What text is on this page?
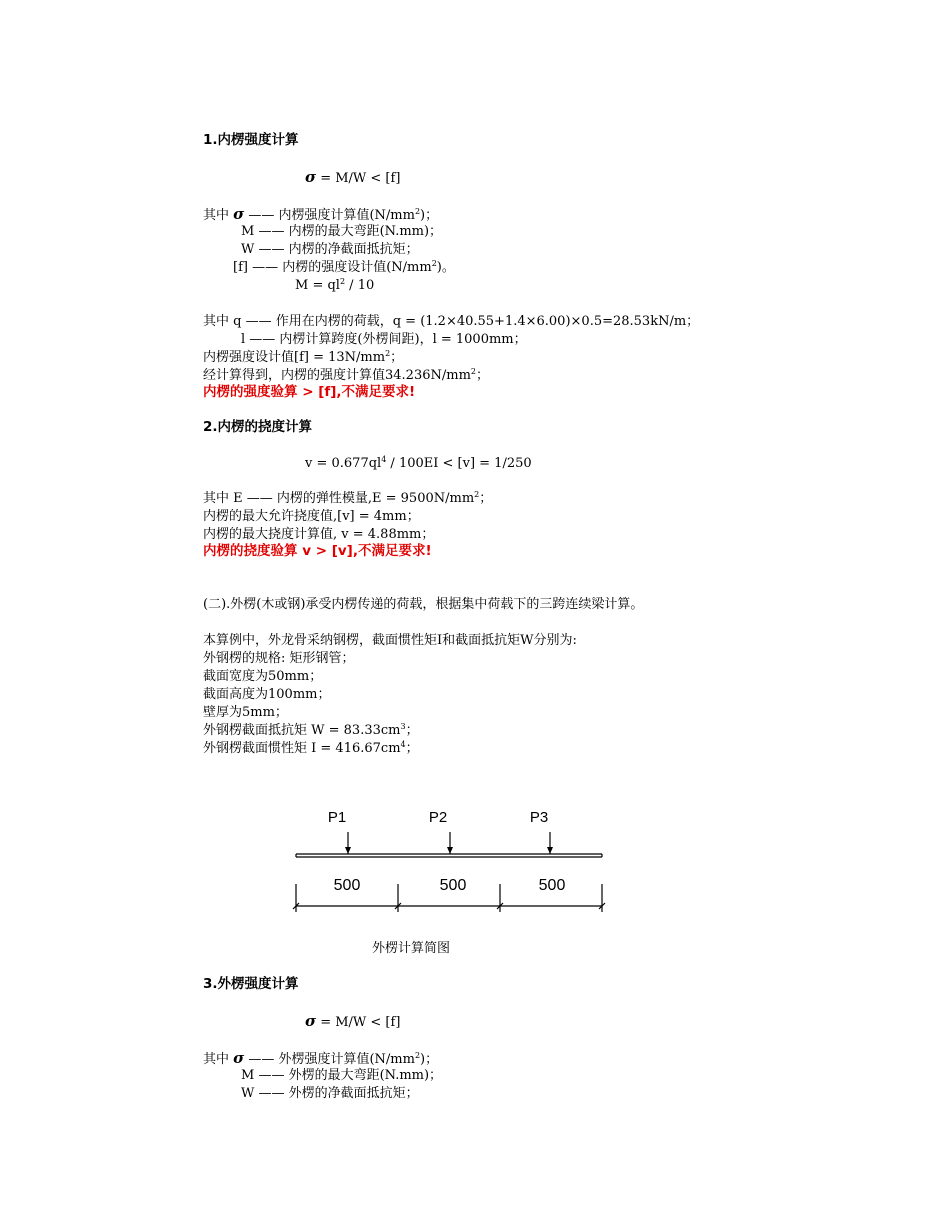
1.内楞强度计算
σ = M/W < [f]
其中 σ —— 内楞强度计算值$(N/mm^2)$；
M —— 内楞的最大弯距(N.mm)；
W —— 内楞的净截面抵抗矩；
[f] —— 内楞的强度设计值$(N/mm^2)$。
$M = ql^2 / 10$
其中 q —— 作用在内楞的荷载，q = (1.2×40.55+1.4×6.00)×0.5=28.53kN/m；
l —— 内楞计算跨度(外楞间距)，l = 1000mm；
内楞强度设计值$[f] = 13N/mm^2$；
经计算得到，内楞的强度计算值$34.236N/mm^2$；
内楞的强度验算 > [f],不满足要求!
2.内楞的挠度计算
$v = 0.677ql^4 / 100EI < [v] = 1/250$
其中 E —— 内楞的弹性模量$,E = 9500N/mm^2$；
内楞的最大允许挠度值,[v] = 4mm；
内楞的最大挠度计算值, v = 4.88mm；
内楞的挠度验算 v > [v],不满足要求!
(二).外楞(木或钢)承受内楞传递的荷载，根据集中荷载下的三跨连续梁计算。
本算例中，外龙骨采纳钢楞，截面惯性矩I和截面抵抗矩W分别为:
外钢楞的规格: 矩形钢管；
截面宽度为50mm；
截面高度为100mm；
壁厚为5mm；
外钢楞截面抵抗矩 $W = 83.33cm^3$；
外钢楞截面惯性矩 $I = 416.67cm^4$；
P1	P2	P3
500	500	500
外楞计算简图
3.外楞强度计算
σ = M/W < [f]
其中 σ —— 外楞强度计算值$(N/mm^2)$；
M —— 外楞的最大弯距(N.mm)；
W —— 外楞的净截面抵抗矩；
